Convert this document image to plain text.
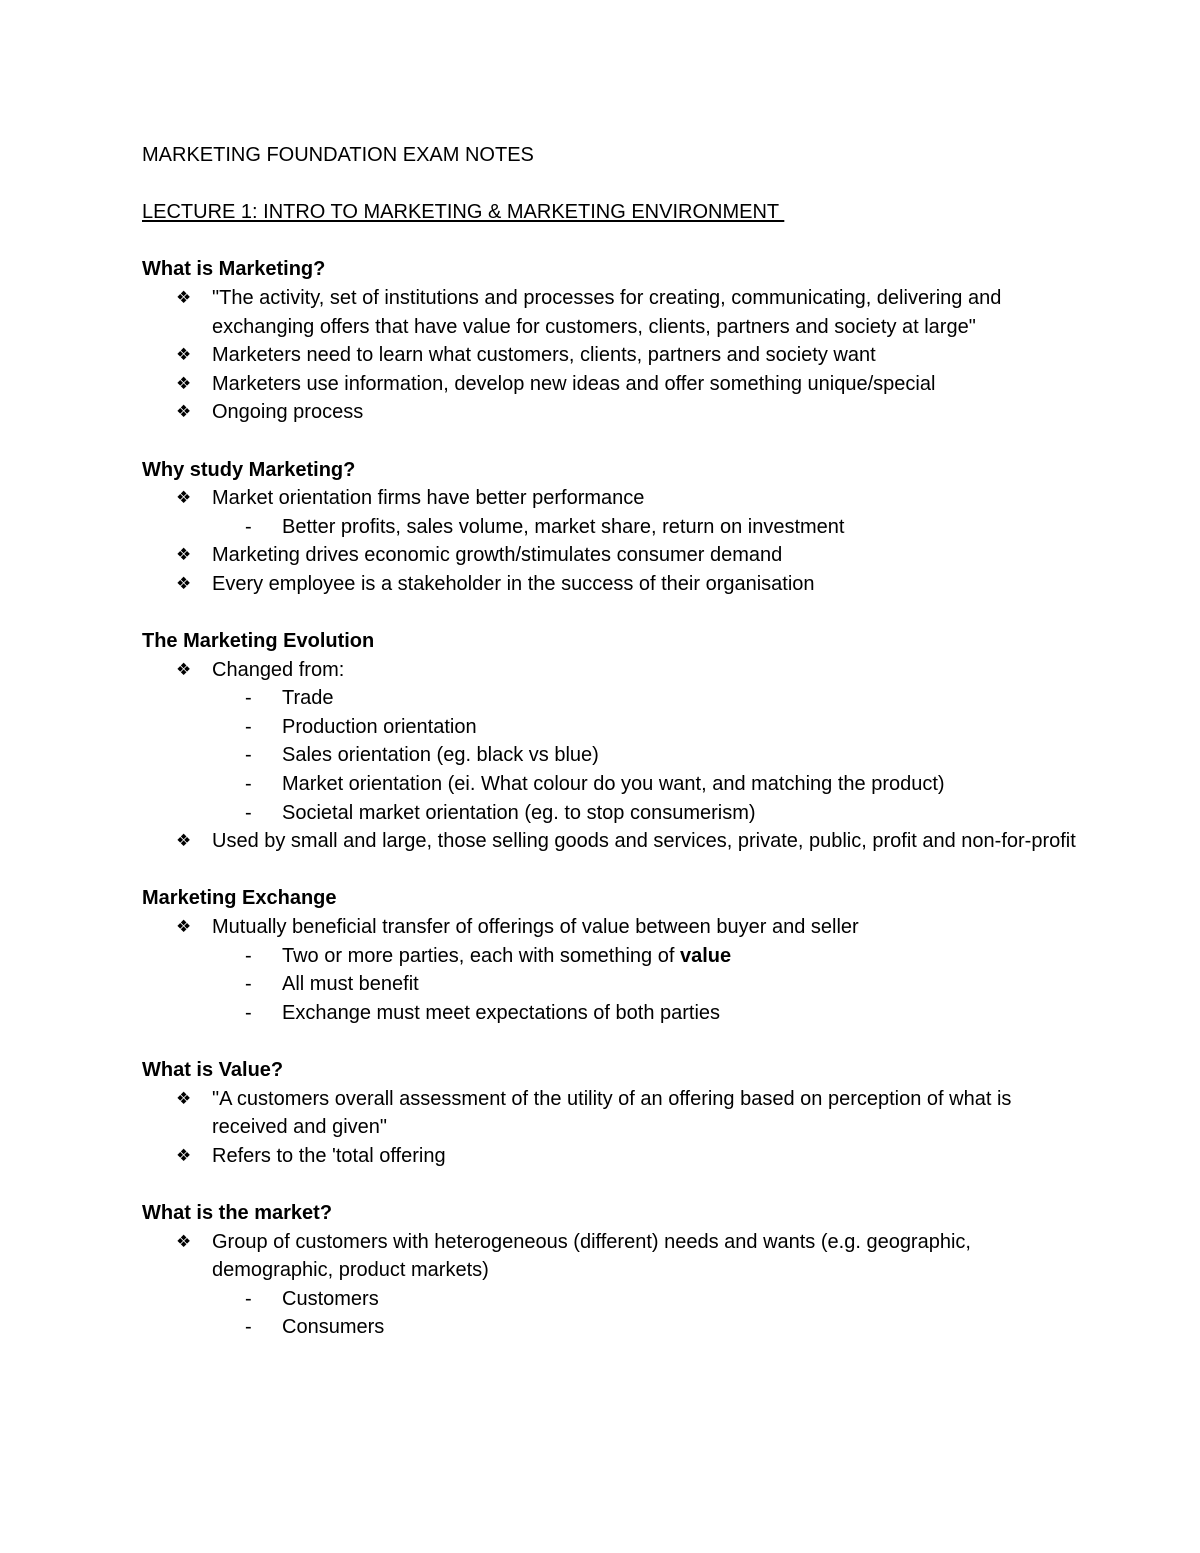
MARKETING FOUNDATION EXAM NOTES

LECTURE 1: INTRO TO MARKETING & MARKETING ENVIRONMENT

What is Marketing?

❖ "The activity, set of institutions and processes for creating, communicating, delivering and exchanging offers that have value for customers, clients, partners and society at large"
❖ Marketers need to learn what customers, clients, partners and society want
❖ Marketers use information, develop new ideas and offer something unique/special
❖ Ongoing process

Why study Marketing?

❖ Market orientation firms have better performance
- Better profits, sales volume, market share, return on investment
❖ Marketing drives economic growth/stimulates consumer demand
❖ Every employee is a stakeholder in the success of their organisation

The Marketing Evolution

❖ Changed from:
- Trade
- Production orientation
- Sales orientation (eg. black vs blue)
- Market orientation (ei. What colour do you want, and matching the product)
- Societal market orientation (eg. to stop consumerism)
❖ Used by small and large, those selling goods and services, private, public, profit and non-for-profit

Marketing Exchange

❖ Mutually beneficial transfer of offerings of value between buyer and seller
- Two or more parties, each with something of value
- All must benefit
- Exchange must meet expectations of both parties

What is Value?

❖ "A customers overall assessment of the utility of an offering based on perception of what is received and given"
❖ Refers to the 'total offering

What is the market?

❖ Group of customers with heterogeneous (different) needs and wants (e.g. geographic, demographic, product markets)
- Customers
- Consumers
